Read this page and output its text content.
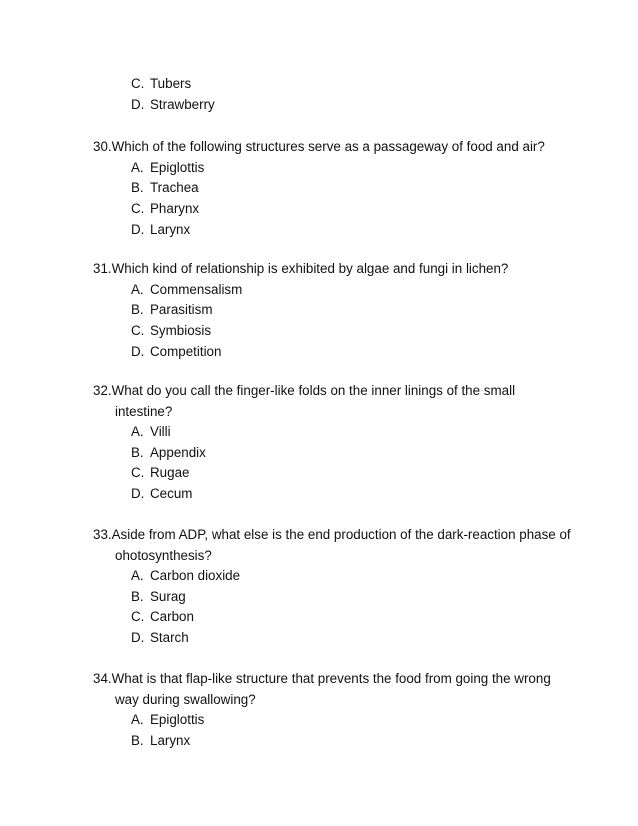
C. Tubers
D. Strawberry
30.Which of the following structures serve as a passageway of food and air?
A. Epiglottis
B. Trachea
C. Pharynx
D. Larynx
31.Which kind of relationship is exhibited by algae and fungi in lichen?
A. Commensalism
B. Parasitism
C. Symbiosis
D. Competition
32.What do you call the finger-like folds on the inner linings of the small intestine?
A. Villi
B. Appendix
C. Rugae
D. Cecum
33.Aside from ADP, what else is the end production of the dark-reaction phase of ohotosynthesis?
A. Carbon dioxide
B. Surag
C. Carbon
D. Starch
34.What is that flap-like structure that prevents the food from going the wrong way during swallowing?
A. Epiglottis
B. Larynx
